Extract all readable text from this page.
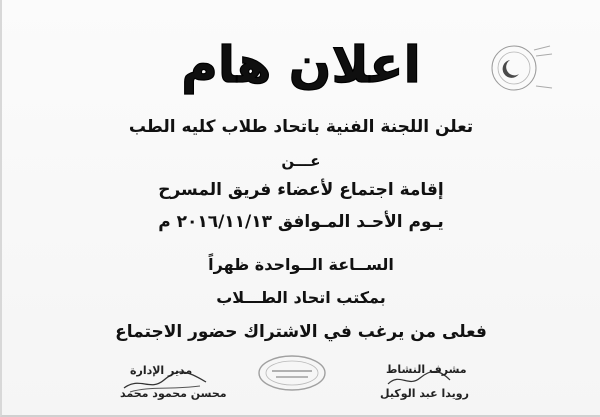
اعلان هام
تعلن اللجنة الفنية باتحاد طلاب كليه الطب
عـــن
إقامة اجتماع لأعضاء فريق المسرح
يـوم الأحـد المـوافق ٢٠١٦/١١/١٣ م
الســاعة الــواحدة ظهراً
بمكتب اتحاد الطـــلاب
فعلى من يرغب في الاشتراك حضور الاجتماع
مدير الإدارة
محسن محمود محمد
مشرف النشاط
رويدا عبد الوكيل
